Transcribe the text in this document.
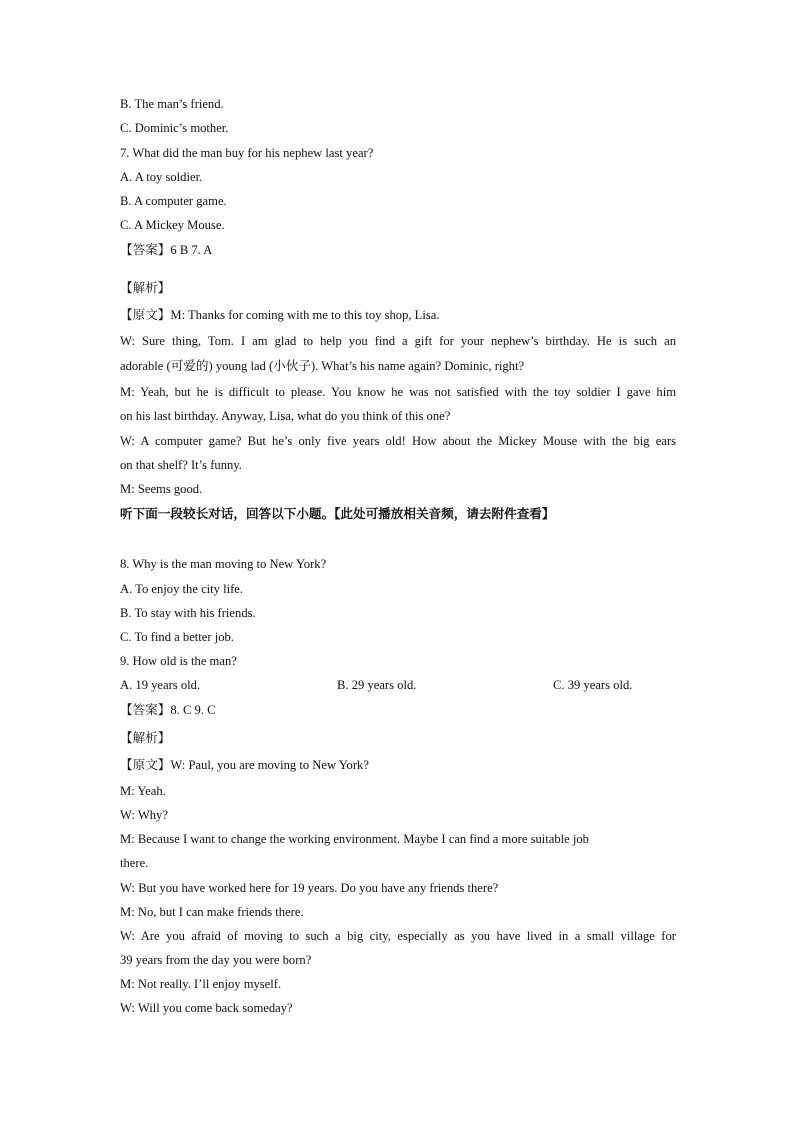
B. The man’s friend.
C. Dominic’s mother.
7. What did the man buy for his nephew last year?
A. A toy soldier.
B. A computer game.
C. A Mickey Mouse.
【答案】6 B 7. A
【解析】
【原文】M: Thanks for coming with me to this toy shop, Lisa.
W: Sure thing, Tom. I am glad to help you find a gift for your nephew’s birthday. He is such an
adorable (可爱的) young lad (小伙子). What’s his name again? Dominic, right?
M: Yeah, but he is difficult to please. You know he was not satisfied with the toy soldier I gave him
on his last birthday. Anyway, Lisa, what do you think of this one?
W: A computer game? But he’s only five years old! How about the Mickey Mouse with the big ears
on that shelf? It’s funny.
M: Seems good.
听下面一段较长对话，回答以下小题。【此处可播放相关音频，请去附件查看】
8. Why is the man moving to New York?
A. To enjoy the city life.
B. To stay with his friends.
C. To find a better job.
9. How old is the man?
A. 19 years old.	B. 29 years old.	C. 39 years old.
【答案】8. C 9. C
【解析】
【原文】W: Paul, you are moving to New York?
M: Yeah.
W: Why?
M: Because I want to change the working environment. Maybe I can find a more suitable job
there.
W: But you have worked here for 19 years. Do you have any friends there?
M: No, but I can make friends there.
W: Are you afraid of moving to such a big city, especially as you have lived in a small village for
39 years from the day you were born?
M: Not really. I’ll enjoy myself.
W: Will you come back someday?
